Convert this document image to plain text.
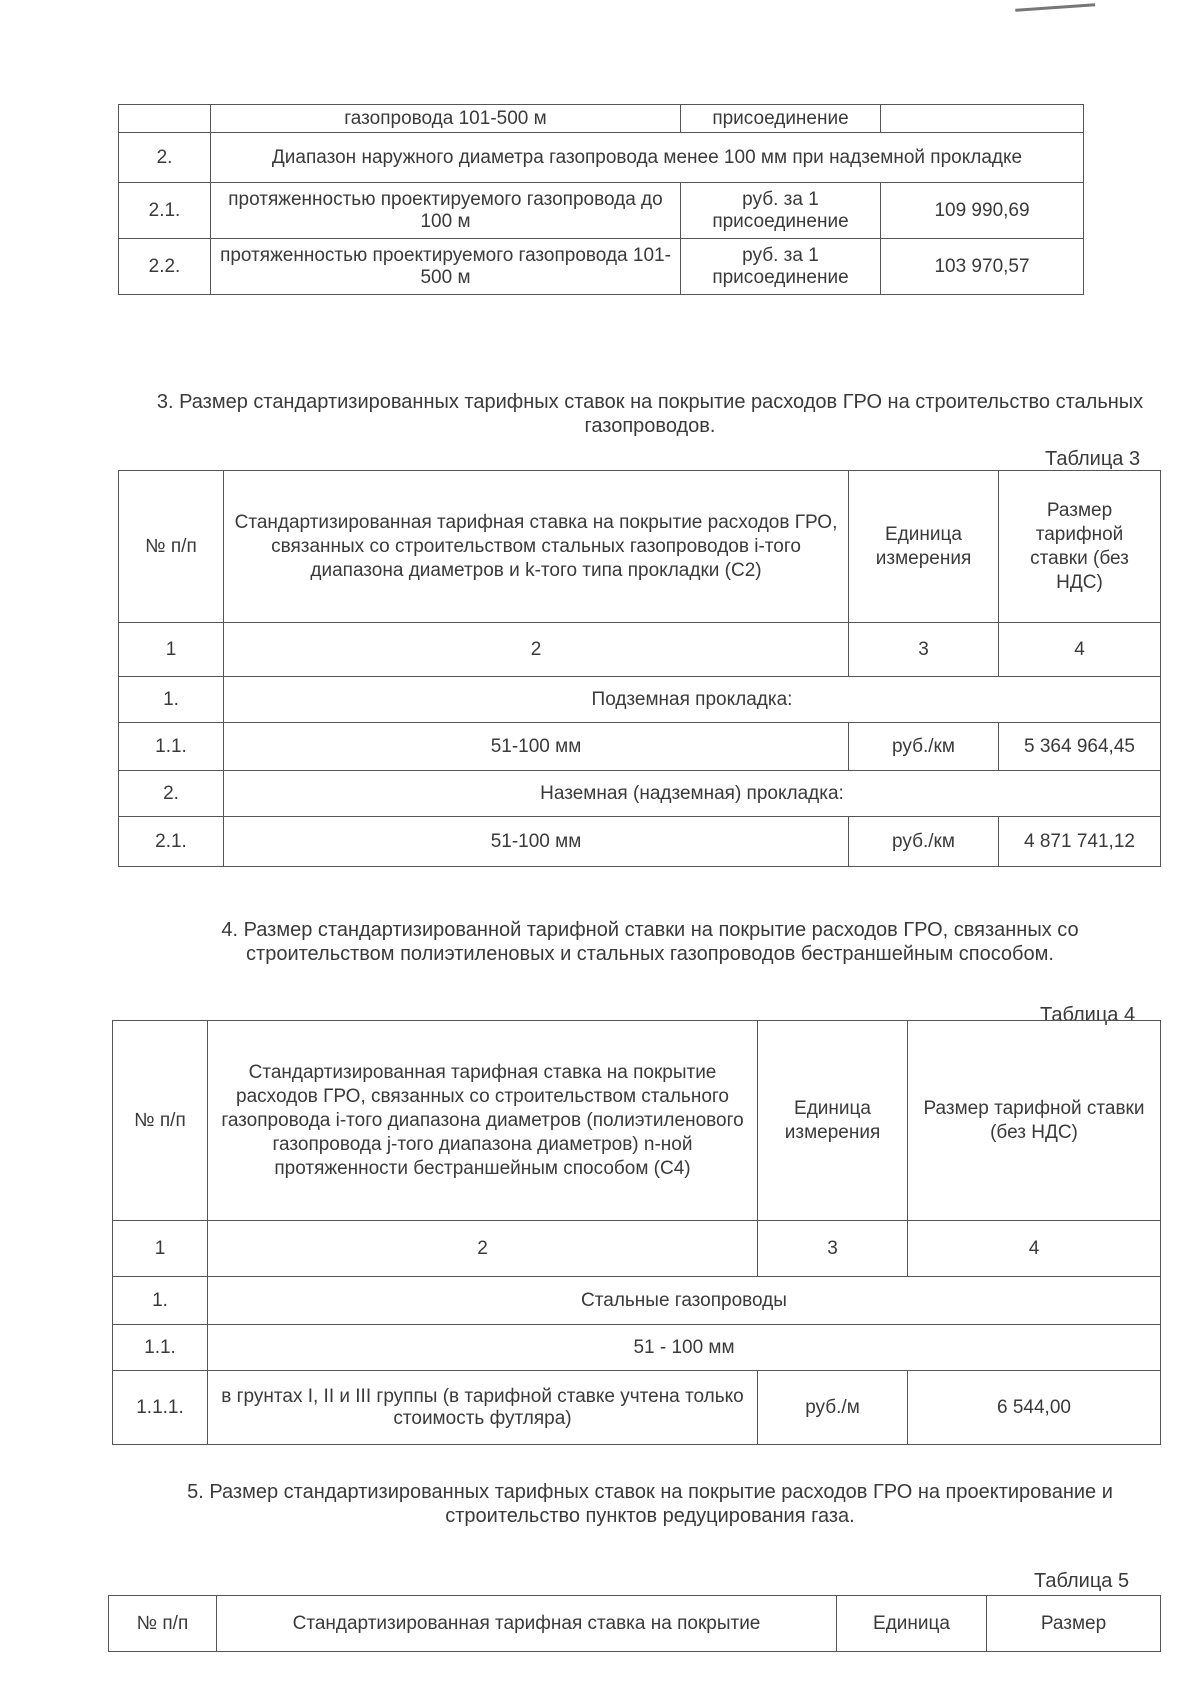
	газопровода 101-500 м	присоединение	
2.	Диапазон наружного диаметра газопровода менее 100 мм при надземной прокладке		
2.1.	протяженностью проектируемого газопровода до 100 м	руб. за 1 присоединение	109 990,69
2.2.	протяженностью проектируемого газопровода 101-500 м	руб. за 1 присоединение	103 970,57
3. Размер стандартизированных тарифных ставок на покрытие расходов ГРО на строительство стальных газопроводов.
Таблица 3
№ п/п	Стандартизированная тарифная ставка на покрытие расходов ГРО, связанных со строительством стальных газопроводов i-того диапазона диаметров и k-того типа прокладки (С2)	Единица измерения	Размер тарифной ставки (без НДС)
1	2	3	4
1.	Подземная прокладка:		
1.1.	51-100 мм	руб./км	5 364 964,45
2.	Наземная (надземная) прокладка:		
2.1.	51-100 мм	руб./км	4 871 741,12
4. Размер стандартизированной тарифной ставки на покрытие расходов ГРО, связанных со строительством полиэтиленовых и стальных газопроводов бестраншейным способом.
Таблица 4
№ п/п	Стандартизированная тарифная ставка на покрытие расходов ГРО, связанных со строительством стального газопровода i-того диапазона диаметров (полиэтиленового газопровода j-того диапазона диаметров) n-ной протяженности бестраншейным способом (С4)	Единица измерения	Размер тарифной ставки (без НДС)
1	2	3	4
1.	Стальные газопроводы		
1.1.	51 - 100 мм		
1.1.1.	в грунтах I, II и III группы (в тарифной ставке учтена только стоимость футляра)	руб./м	6 544,00
5. Размер стандартизированных тарифных ставок на покрытие расходов ГРО на проектирование и строительство пунктов редуцирования газа.
Таблица 5
№ п/п	Стандартизированная тарифная ставка на покрытие	Единица	Размер
